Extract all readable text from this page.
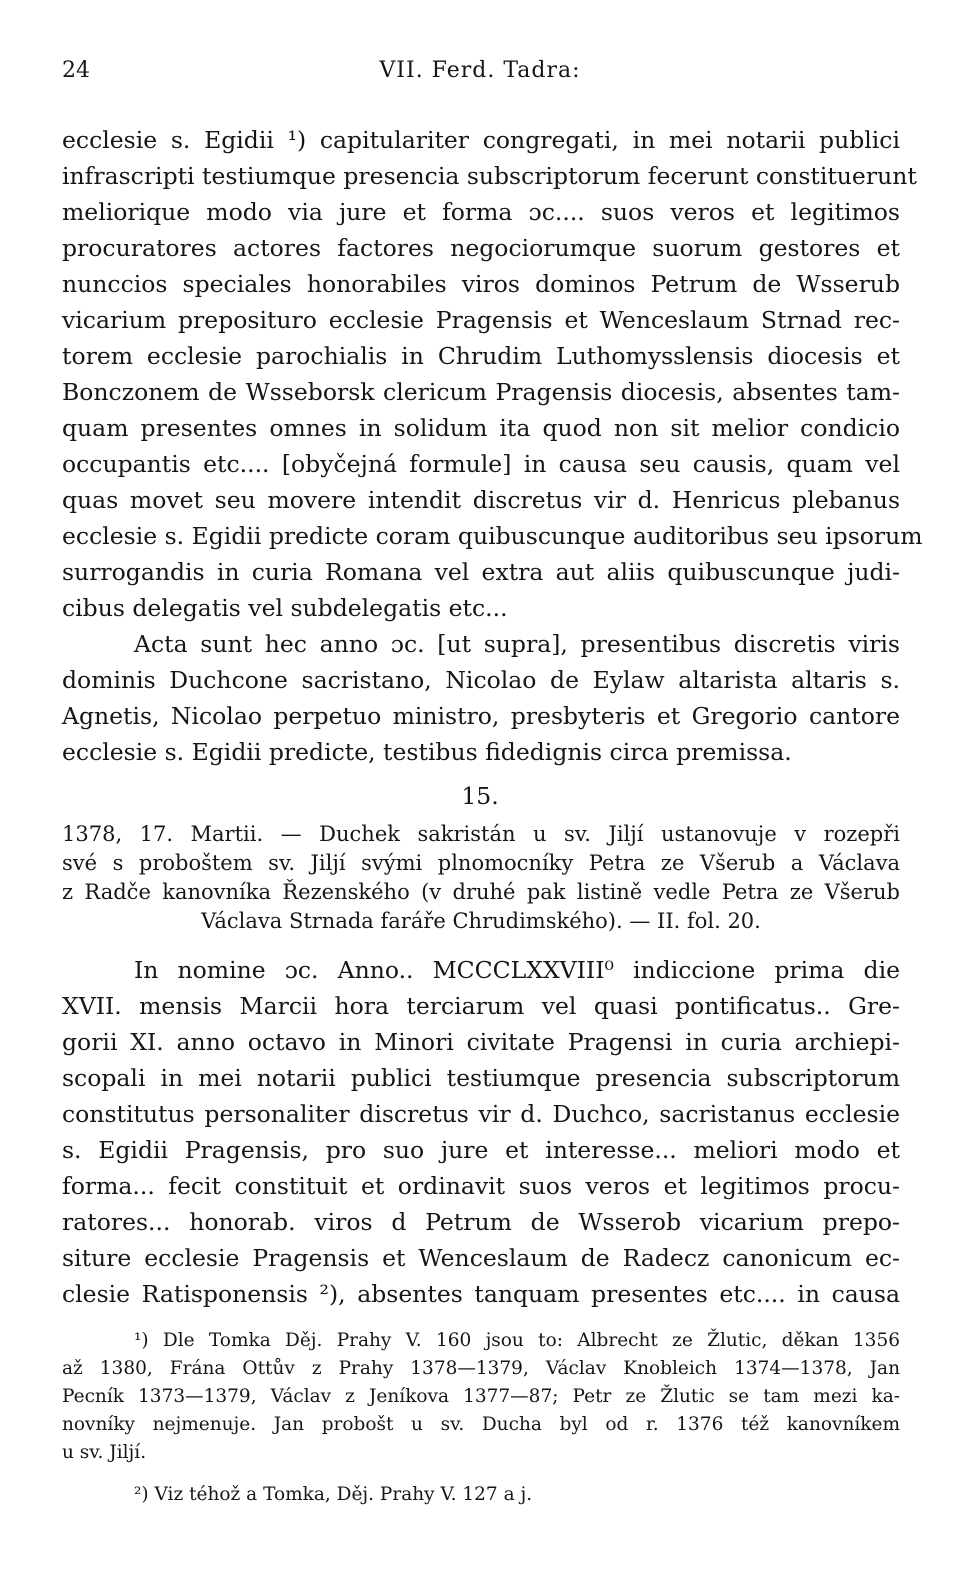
24	VII. Ferd. Tadra:
ecclesie s. Egidii ¹) capitulariter congregati, in mei notarii publici
infrascripti testiumque presencia subscriptorum fecerunt constituerunt
meliorique modo via jure et forma ɔc.... suos veros et legitimos
procuratores actores factores negociorumque suorum gestores et
nunccios speciales honorabiles viros dominos Petrum de Wsserub
vicarium preposituro ecclesie Pragensis et Wenceslaum Strnad rec-
torem ecclesie parochialis in Chrudim Luthomysslensis diocesis et
Bonczonem de Wsseborsk clericum Pragensis diocesis, absentes tam-
quam presentes omnes in solidum ita quod non sit melior condicio
occupantis etc.... [obyčejná formule] in causa seu causis, quam vel
quas movet seu movere intendit discretus vir d. Henricus plebanus
ecclesie s. Egidii predicte coram quibuscunque auditoribus seu ipsorum
surrogandis in curia Romana vel extra aut aliis quibuscunque judi-
cibus delegatis vel subdelegatis etc...
Acta sunt hec anno ɔc. [ut supra], presentibus discretis viris
dominis Duchcone sacristano, Nicolao de Eylaw altarista altaris s.
Agnetis, Nicolao perpetuo ministro, presbyteris et Gregorio cantore
ecclesie s. Egidii predicte, testibus fidedignis circa premissa.
15.
1378, 17. Martii. — Duchek sakristán u sv. Jiljí ustanovuje v rozepři
své s proboštem sv. Jiljí svými plnomocníky Petra ze Všerub a Václava
z Radče kanovníka Řezenského (v druhé pak listině vedle Petra ze Všerub
Václava Strnada faráře Chrudimského). — II. fol. 20.
In nomine ɔc. Anno.. MCCCLXXVIII⁰ indiccione prima die
XVII. mensis Marcii hora terciarum vel quasi pontificatus.. Gre-
gorii XI. anno octavo in Minori civitate Pragensi in curia archiepi-
scopali in mei notarii publici testiumque presencia subscriptorum
constitutus personaliter discretus vir d. Duchco, sacristanus ecclesie
s. Egidii Pragensis, pro suo jure et interesse... meliori modo et
forma... fecit constituit et ordinavit suos veros et legitimos procu-
ratores... honorab. viros d Petrum de Wsserob vicarium prepo-
siture ecclesie Pragensis et Wenceslaum de Radecz canonicum ec-
clesie Ratisponensis ²), absentes tanquam presentes etc.... in causa
¹) Dle Tomka Děj. Prahy V. 160 jsou to: Albrecht ze Žlutic, děkan 1356
až 1380, Frána Ottův z Prahy 1378—1379, Václav Knobleich 1374—1378, Jan
Pecník 1373—1379, Václav z Jeníkova 1377—87; Petr ze Žlutic se tam mezi ka-
novníky nejmenuje. Jan probošt u sv. Ducha byl od r. 1376 též kanovníkem
u sv. Jiljí.
²) Viz téhož a Tomka, Děj. Prahy V. 127 a j.
